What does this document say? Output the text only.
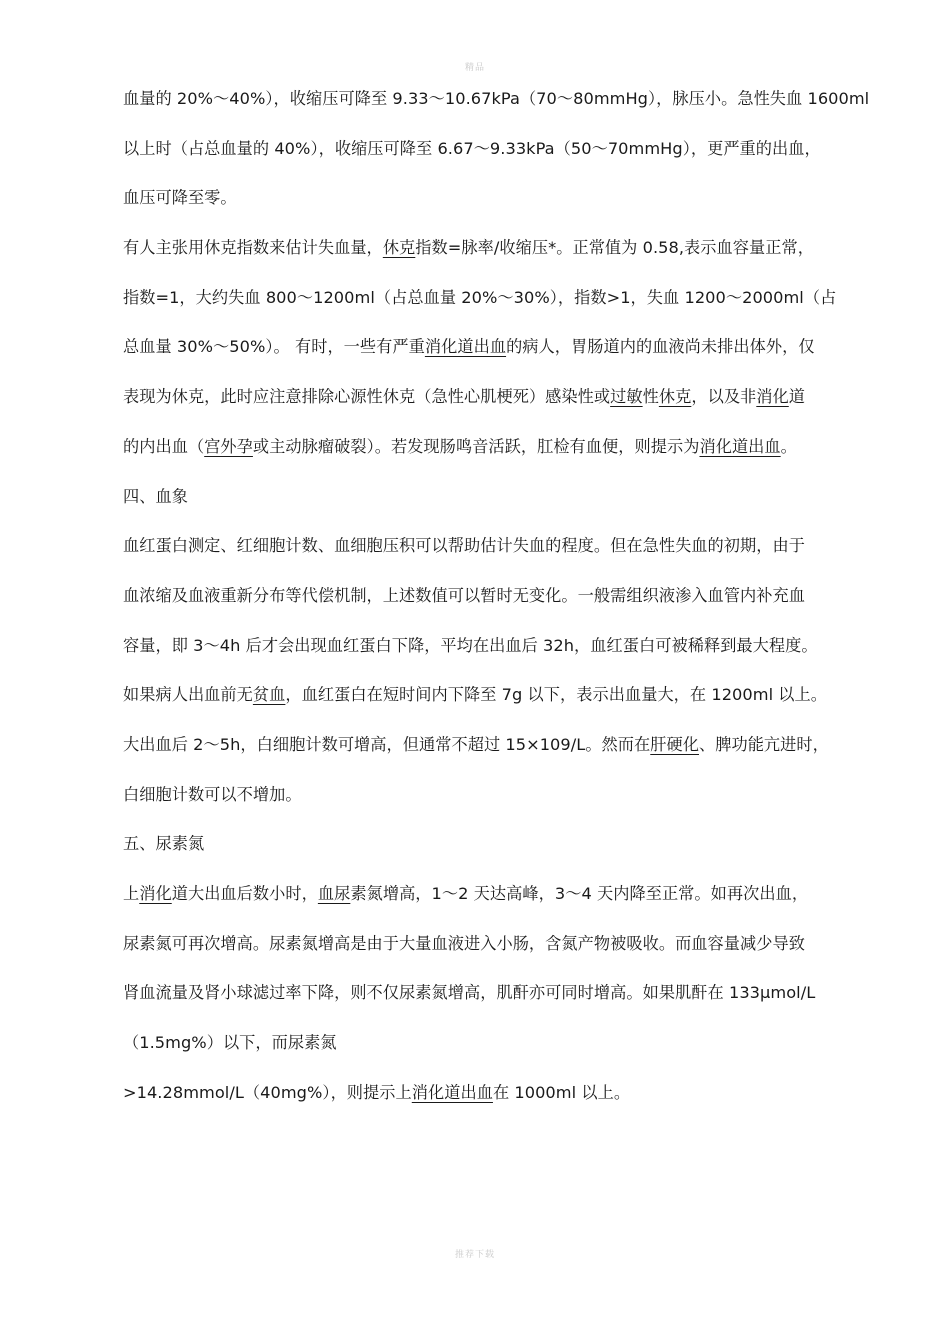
精品
血量的 20%～40%），收缩压可降至 9.33～10.67kPa（70～80mmHg），脉压小。急性失血 1600ml
以上时（占总血量的 40%），收缩压可降至 6.67～9.33kPa（50～70mmHg），更严重的出血，
血压可降至零。
有人主张用休克指数来估计失血量，休克指数=脉率/收缩压*。正常值为 0.58,表示血容量正常，
指数=1，大约失血 800～1200ml（占总血量 20%～30%），指数>1，失血 1200～2000ml（占
总血量 30%～50%）。 有时，一些有严重消化道出血的病人，胃肠道内的血液尚未排出体外，仅
表现为休克，此时应注意排除心源性休克（急性心肌梗死）感染性或过敏性休克，以及非消化道
的内出血（宫外孕或主动脉瘤破裂）。若发现肠鸣音活跃，肛检有血便，则提示为消化道出血。
四、血象
血红蛋白测定、红细胞计数、血细胞压积可以帮助估计失血的程度。但在急性失血的初期，由于
血浓缩及血液重新分布等代偿机制，上述数值可以暂时无变化。一般需组织液渗入血管内补充血
容量，即 3～4h 后才会出现血红蛋白下降，平均在出血后 32h，血红蛋白可被稀释到最大程度。
如果病人出血前无贫血，血红蛋白在短时间内下降至 7g 以下，表示出血量大，在 1200ml 以上。
大出血后 2～5h，白细胞计数可增高，但通常不超过 15×109/L。然而在肝硬化、脾功能亢进时，
白细胞计数可以不增加。
五、尿素氮
上消化道大出血后数小时，血尿素氮增高，1～2 天达高峰，3～4 天内降至正常。如再次出血，
尿素氮可再次增高。尿素氮增高是由于大量血液进入小肠，含氮产物被吸收。而血容量减少导致
肾血流量及肾小球滤过率下降，则不仅尿素氮增高，肌酐亦可同时增高。如果肌酐在 133μmol/L
（1.5mg%）以下，而尿素氮
>14.28mmol/L（40mg%），则提示上消化道出血在 1000ml 以上。
推荐下载
